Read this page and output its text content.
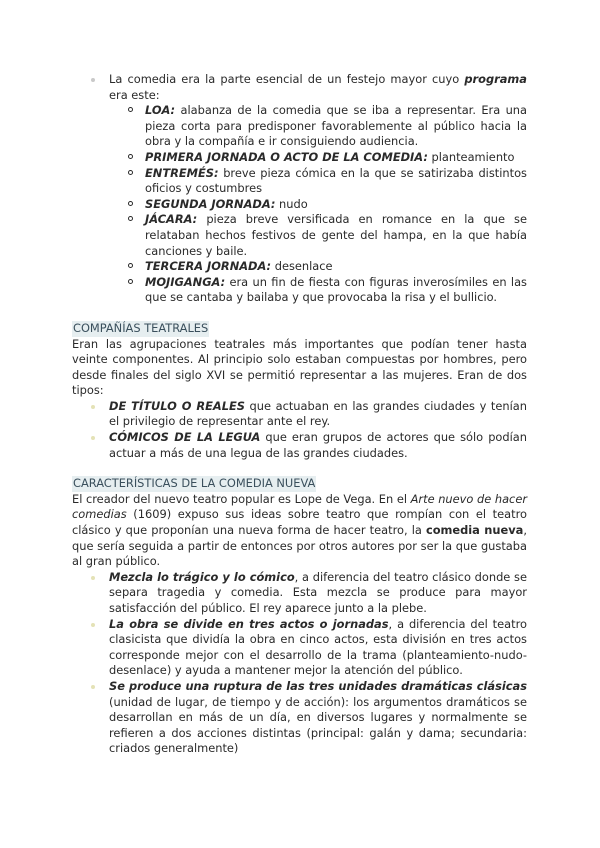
La comedia era la parte esencial de un festejo mayor cuyo programa era este:
LOA: alabanza de la comedia que se iba a representar. Era una pieza corta para predisponer favorablemente al público hacia la obra y la compañía e ir consiguiendo audiencia.
PRIMERA JORNADA O ACTO DE LA COMEDIA: planteamiento
ENTREMÉS: breve pieza cómica en la que se satirizaba distintos oficios y costumbres
SEGUNDA JORNADA: nudo
JÁCARA: pieza breve versificada en romance en la que se relataban hechos festivos de gente del hampa, en la que había canciones y baile.
TERCERA JORNADA: desenlace
MOJIGANGA: era un fin de fiesta con figuras inverosímiles en las que se cantaba y bailaba y que provocaba la risa y el bullicio.
COMPAÑÍAS TEATRALES

Eran las agrupaciones teatrales más importantes que podían tener hasta veinte componentes. Al principio solo estaban compuestas por hombres, pero desde finales del siglo XVI se permitió representar a las mujeres. Eran de dos tipos:

DE TÍTULO O REALES que actuaban en las grandes ciudades y tenían el privilegio de representar ante el rey.
CÓMICOS DE LA LEGUA que eran grupos de actores que sólo podían actuar a más de una legua de las grandes ciudades.
CARACTERÍSTICAS DE LA COMEDIA NUEVA

El creador del nuevo teatro popular es Lope de Vega. En el Arte nuevo de hacer comedias (1609) expuso sus ideas sobre teatro que rompían con el teatro clásico y que proponían una nueva forma de hacer teatro, la comedia nueva, que sería seguida a partir de entonces por otros autores por ser la que gustaba al gran público.

Mezcla lo trágico y lo cómico, a diferencia del teatro clásico donde se separa tragedia y comedia. Esta mezcla se produce para mayor satisfacción del público. El rey aparece junto a la plebe.
La obra se divide en tres actos o jornadas, a diferencia del teatro clasicista que dividía la obra en cinco actos, esta división en tres actos corresponde mejor con el desarrollo de la trama (planteamiento-nudo-desenlace) y ayuda a mantener mejor la atención del público.
Se produce una ruptura de las tres unidades dramáticas clásicas (unidad de lugar, de tiempo y de acción): los argumentos dramáticos se desarrollan en más de un día, en diversos lugares y normalmente se refieren a dos acciones distintas (principal: galán y dama; secundaria: criados generalmente)
